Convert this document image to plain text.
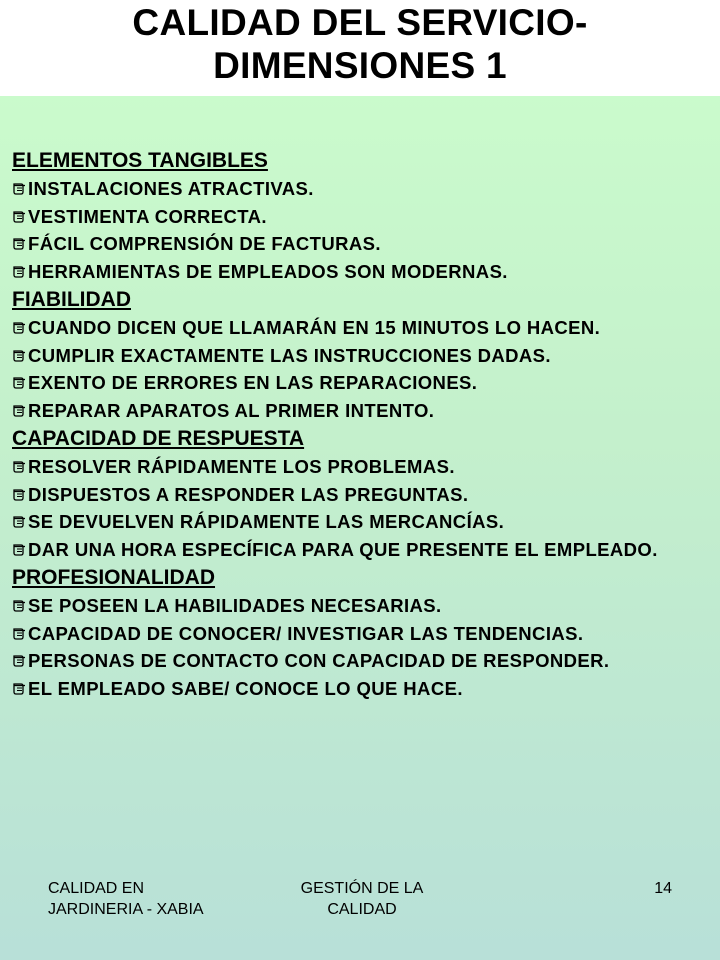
CALIDAD DEL SERVICIO-
DIMENSIONES 1
ELEMENTOS TANGIBLES
INSTALACIONES ATRACTIVAS.
VESTIMENTA CORRECTA.
FÁCIL COMPRENSIÓN DE FACTURAS.
HERRAMIENTAS DE EMPLEADOS SON MODERNAS.
FIABILIDAD
CUANDO DICEN QUE LLAMARÁN EN 15 MINUTOS LO HACEN.
CUMPLIR EXACTAMENTE LAS INSTRUCCIONES DADAS.
EXENTO DE ERRORES EN LAS REPARACIONES.
REPARAR APARATOS AL PRIMER INTENTO.
CAPACIDAD DE RESPUESTA
RESOLVER RÁPIDAMENTE LOS PROBLEMAS.
DISPUESTOS A RESPONDER LAS PREGUNTAS.
SE DEVUELVEN RÁPIDAMENTE LAS MERCANCÍAS.
DAR UNA HORA ESPECÍFICA PARA QUE PRESENTE EL EMPLEADO.
PROFESIONALIDAD
SE POSEEN LA HABILIDADES NECESARIAS.
CAPACIDAD DE CONOCER/ INVESTIGAR LAS TENDENCIAS.
PERSONAS DE CONTACTO CON CAPACIDAD DE RESPONDER.
EL EMPLEADO SABE/ CONOCE LO QUE HACE.
CALIDAD EN JARDINERIA - XABIA
GESTIÓN DE LA CALIDAD
14
